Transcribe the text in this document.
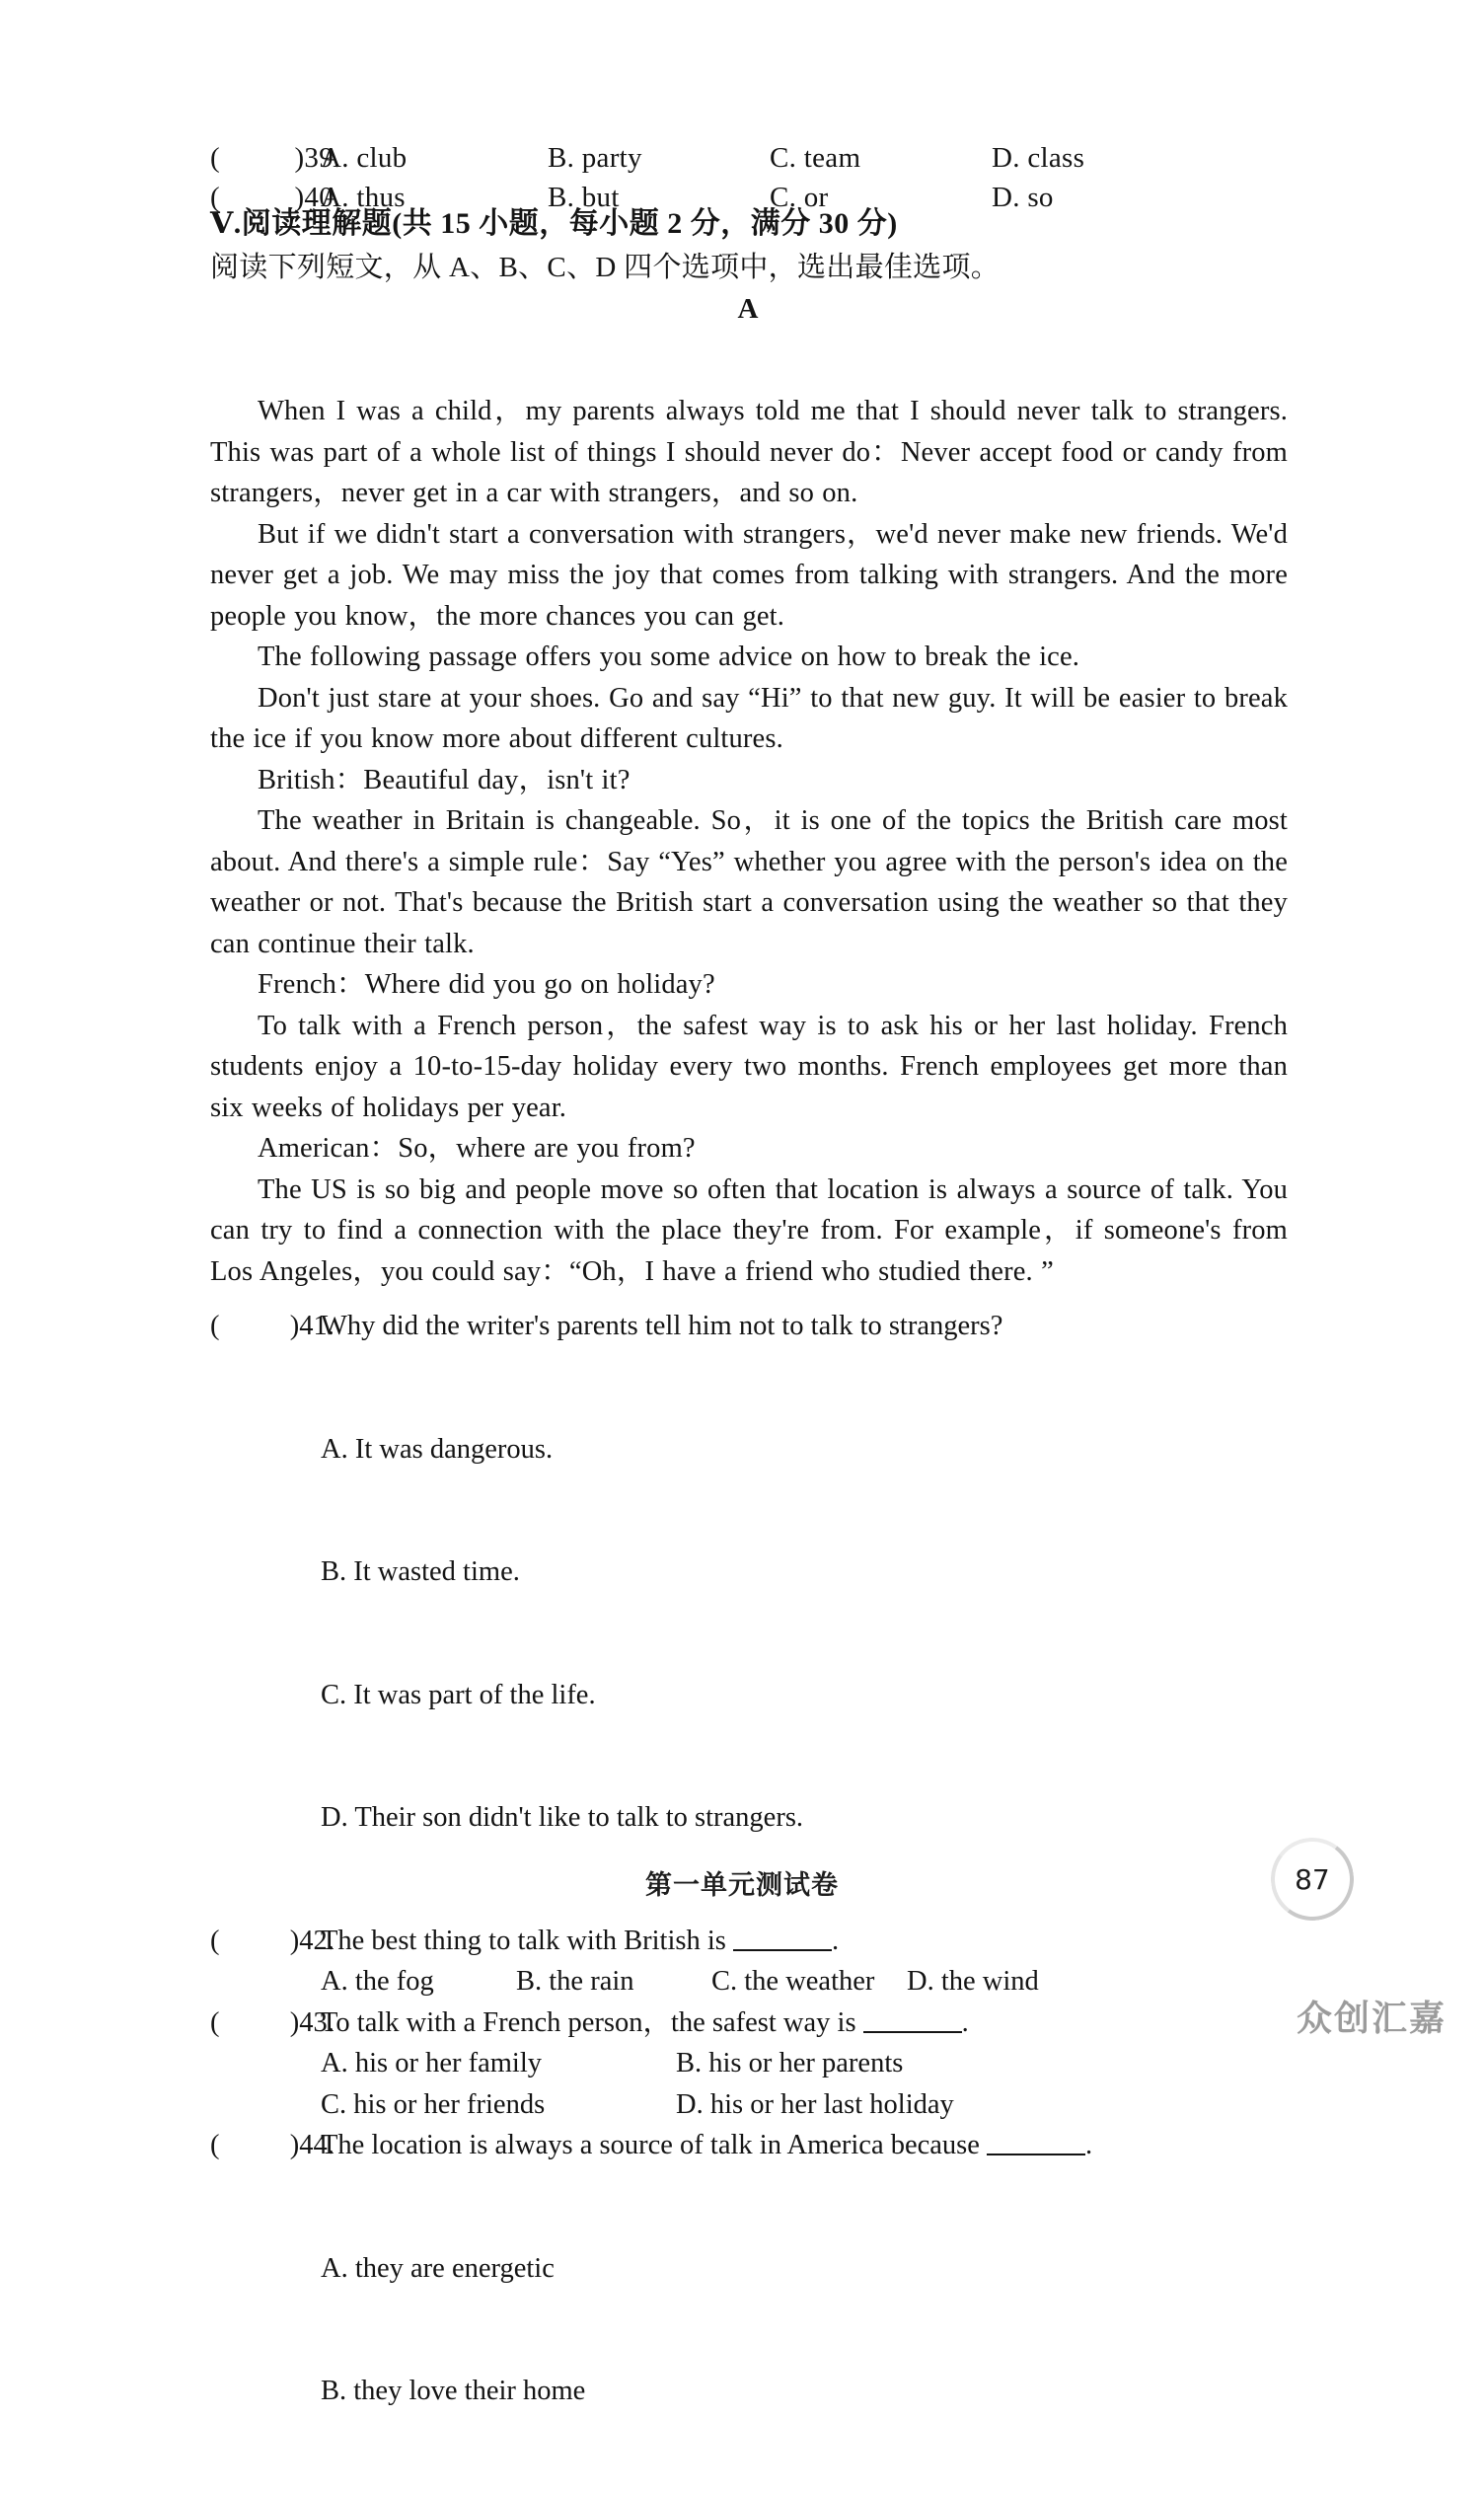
(          )39.
A. club	B. party	C. team	D. class
(          )40.
A. thus	B. but	C. or	D. so
Ⅴ.阅读理解题(共 15 小题，每小题 2 分，满分 30 分)
阅读下列短文，从 A、B、C、D 四个选项中，选出最佳选项。
A

When I was a child，my parents always told me that I should never talk to strangers. This was part of a whole list of things I should never do：Never accept food or candy from strangers，never get in a car with strangers，and so on.

But if we didn't start a conversation with strangers，we'd never make new friends. We'd never get a job. We may miss the joy that comes from talking with strangers. And the more people you know，the more chances you can get.

The following passage offers you some advice on how to break the ice.

Don't just stare at your shoes. Go and say “Hi” to that new guy. It will be easier to break the ice if you know more about different cultures.

British：Beautiful day，isn't it?

The weather in Britain is changeable. So，it is one of the topics the British care most about. And there's a simple rule：Say “Yes” whether you agree with the person's idea on the weather or not. That's because the British start a conversation using the weather so that they can continue their talk.

French：Where did you go on holiday?

To talk with a French person，the safest way is to ask his or her last holiday. French students enjoy a 10-to-15-day holiday every two months. French employees get more than six weeks of holidays per year.

American：So，where are you from?

The US is so big and people move so often that location is always a source of talk. You can try to find a connection with the place they're from. For example，if someone's from Los Angeles，you could say：“Oh，I have a friend who studied there. ”

(          )41.
Why did the writer's parents tell him not to talk to strangers?

A. It was dangerous.

B. It wasted time.

C. It was part of the life.

D. Their son didn't like to talk to strangers.

(          )42.
The best thing to talk with British is	.
A. the fog	B. the rain	C. the weather	D. the wind
(          )43.
To talk with a French person，the safest way is	.
A. his or her family	B. his or her parents
C. his or her friends	D. his or her last holiday
(          )44.
The location is always a source of talk in America because	.

A. they are energetic

B. they love their home

第一单元测试卷	87
众创汇嘉
